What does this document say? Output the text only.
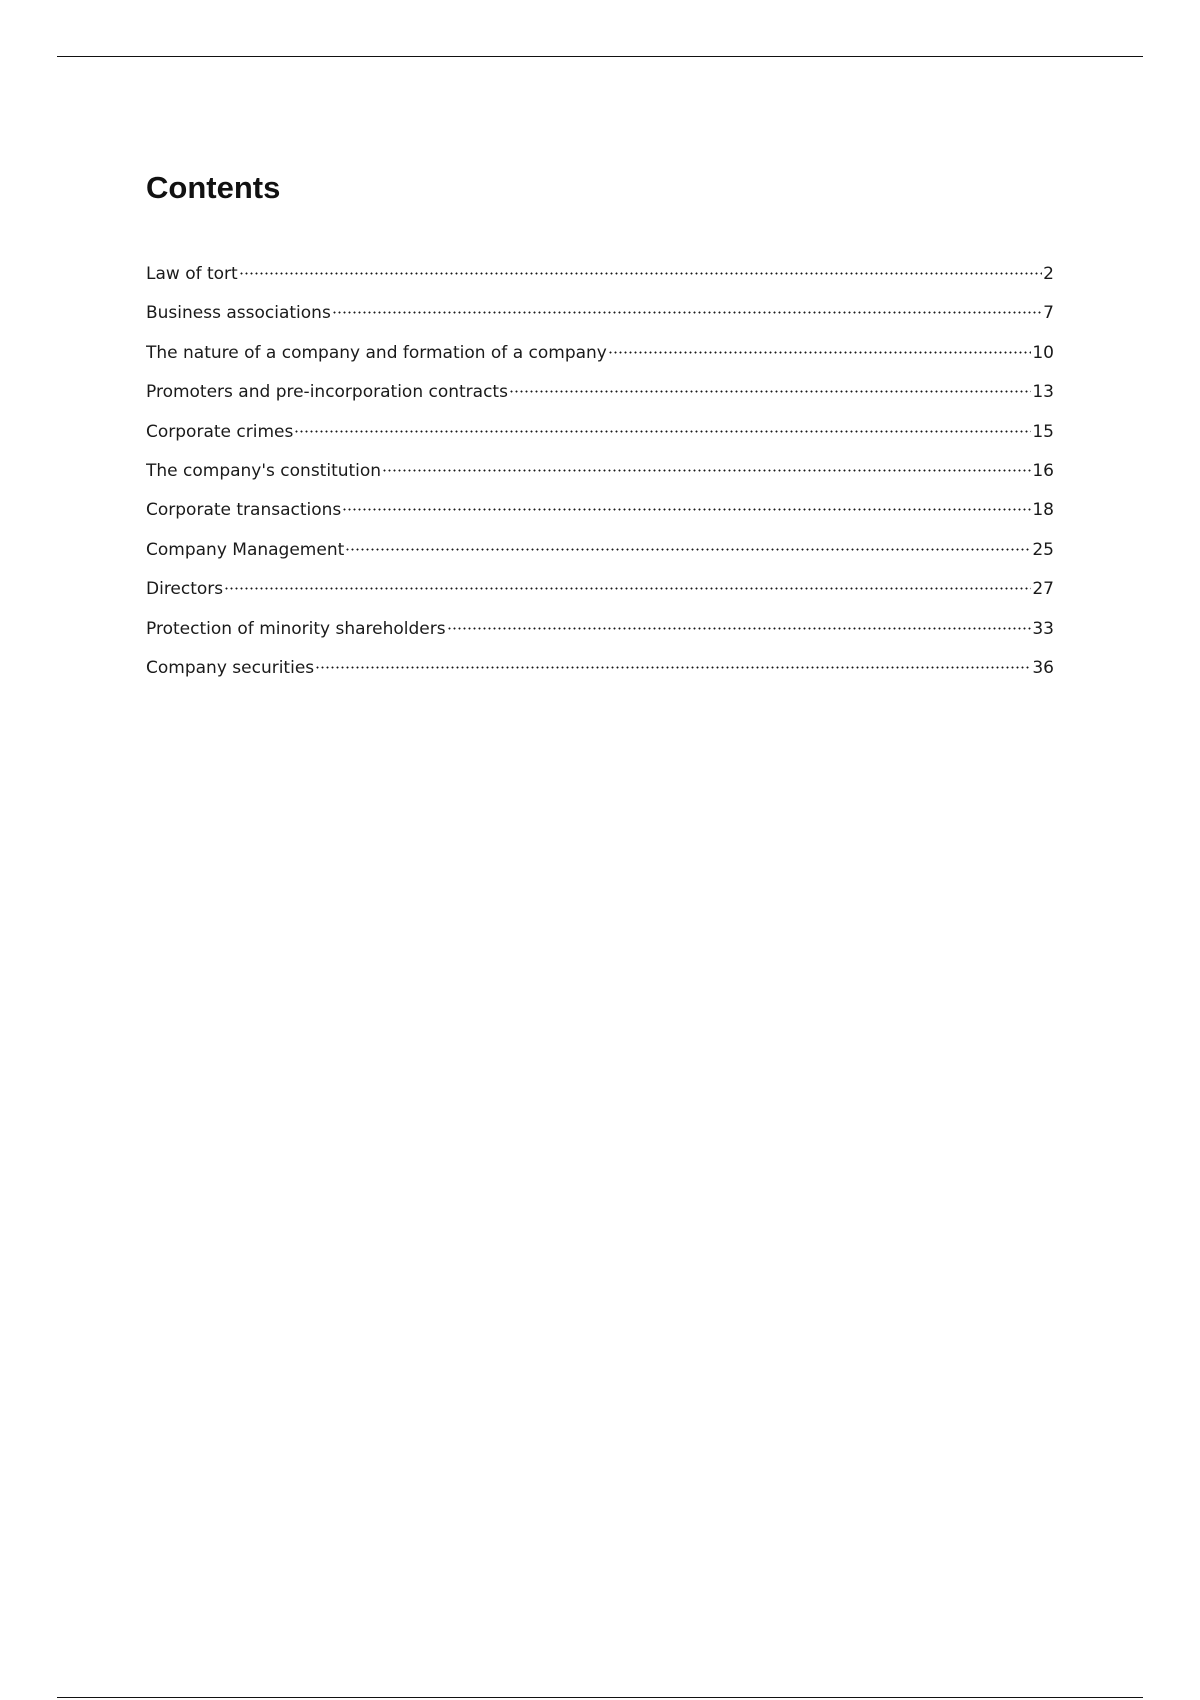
Contents
Law of tort	2
Business associations	7
The nature of a company and formation of a company	10
Promoters and pre-incorporation contracts	13
Corporate crimes	15
The company's constitution	16
Corporate transactions	18
Company Management	25
Directors	27
Protection of minority shareholders	33
Company securities	36
